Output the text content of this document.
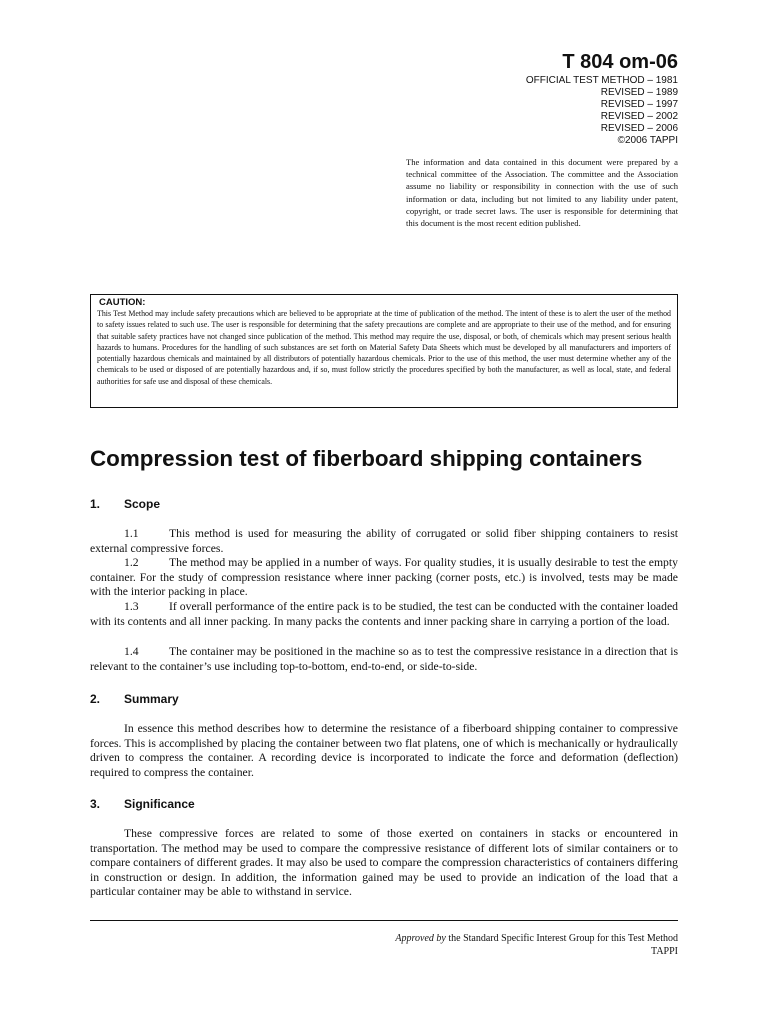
T 804 om-06
OFFICIAL TEST METHOD – 1981
REVISED – 1989
REVISED – 1997
REVISED – 2002
REVISED – 2006
©2006 TAPPI
The information and data contained in this document were prepared by a technical committee of the Association. The committee and the Association assume no liability or responsibility in connection with the use of such information or data, including but not limited to any liability under patent, copyright, or trade secret laws. The user is responsible for determining that this document is the most recent edition published.
CAUTION:
This Test Method may include safety precautions which are believed to be appropriate at the time of publication of the method. The intent of these is to alert the user of the method to safety issues related to such use. The user is responsible for determining that the safety precautions are complete and are appropriate to their use of the method, and for ensuring that suitable safety practices have not changed since publication of the method. This method may require the use, disposal, or both, of chemicals which may present serious health hazards to humans. Procedures for the handling of such substances are set forth on Material Safety Data Sheets which must be developed by all manufacturers and importers of potentially hazardous chemicals and maintained by all distributors of potentially hazardous chemicals. Prior to the use of this method, the user must determine whether any of the chemicals to be used or disposed of are potentially hazardous and, if so, must follow strictly the procedures specified by both the manufacturer, as well as local, state, and federal authorities for safe use and disposal of these chemicals.
Compression test of fiberboard shipping containers
1. Scope
1.1	This method is used for measuring the ability of corrugated or solid fiber shipping containers to resist external compressive forces.
1.2	The method may be applied in a number of ways. For quality studies, it is usually desirable to test the empty container. For the study of compression resistance where inner packing (corner posts, etc.) is involved, tests may be made with the interior packing in place.
1.3	If overall performance of the entire pack is to be studied, the test can be conducted with the container loaded with its contents and all inner packing. In many packs the contents and inner packing share in carrying a portion of the load.
1.4	The container may be positioned in the machine so as to test the compressive resistance in a direction that is relevant to the container’s use including top-to-bottom, end-to-end, or side-to-side.
2. Summary
In essence this method describes how to determine the resistance of a fiberboard shipping container to compressive forces. This is accomplished by placing the container between two flat platens, one of which is mechanically or hydraulically driven to compress the container. A recording device is incorporated to indicate the force and deformation (deflection) required to compress the container.
3. Significance
These compressive forces are related to some of those exerted on containers in stacks or encountered in transportation. The method may be used to compare the compressive resistance of different lots of similar containers or to compare containers of different grades. It may also be used to compare the compression characteristics of containers differing in construction or design. In addition, the information gained may be used to provide an indication of the load that a particular container may be able to withstand in service.
Approved by the Standard Specific Interest Group for this Test Method
TAPPI
